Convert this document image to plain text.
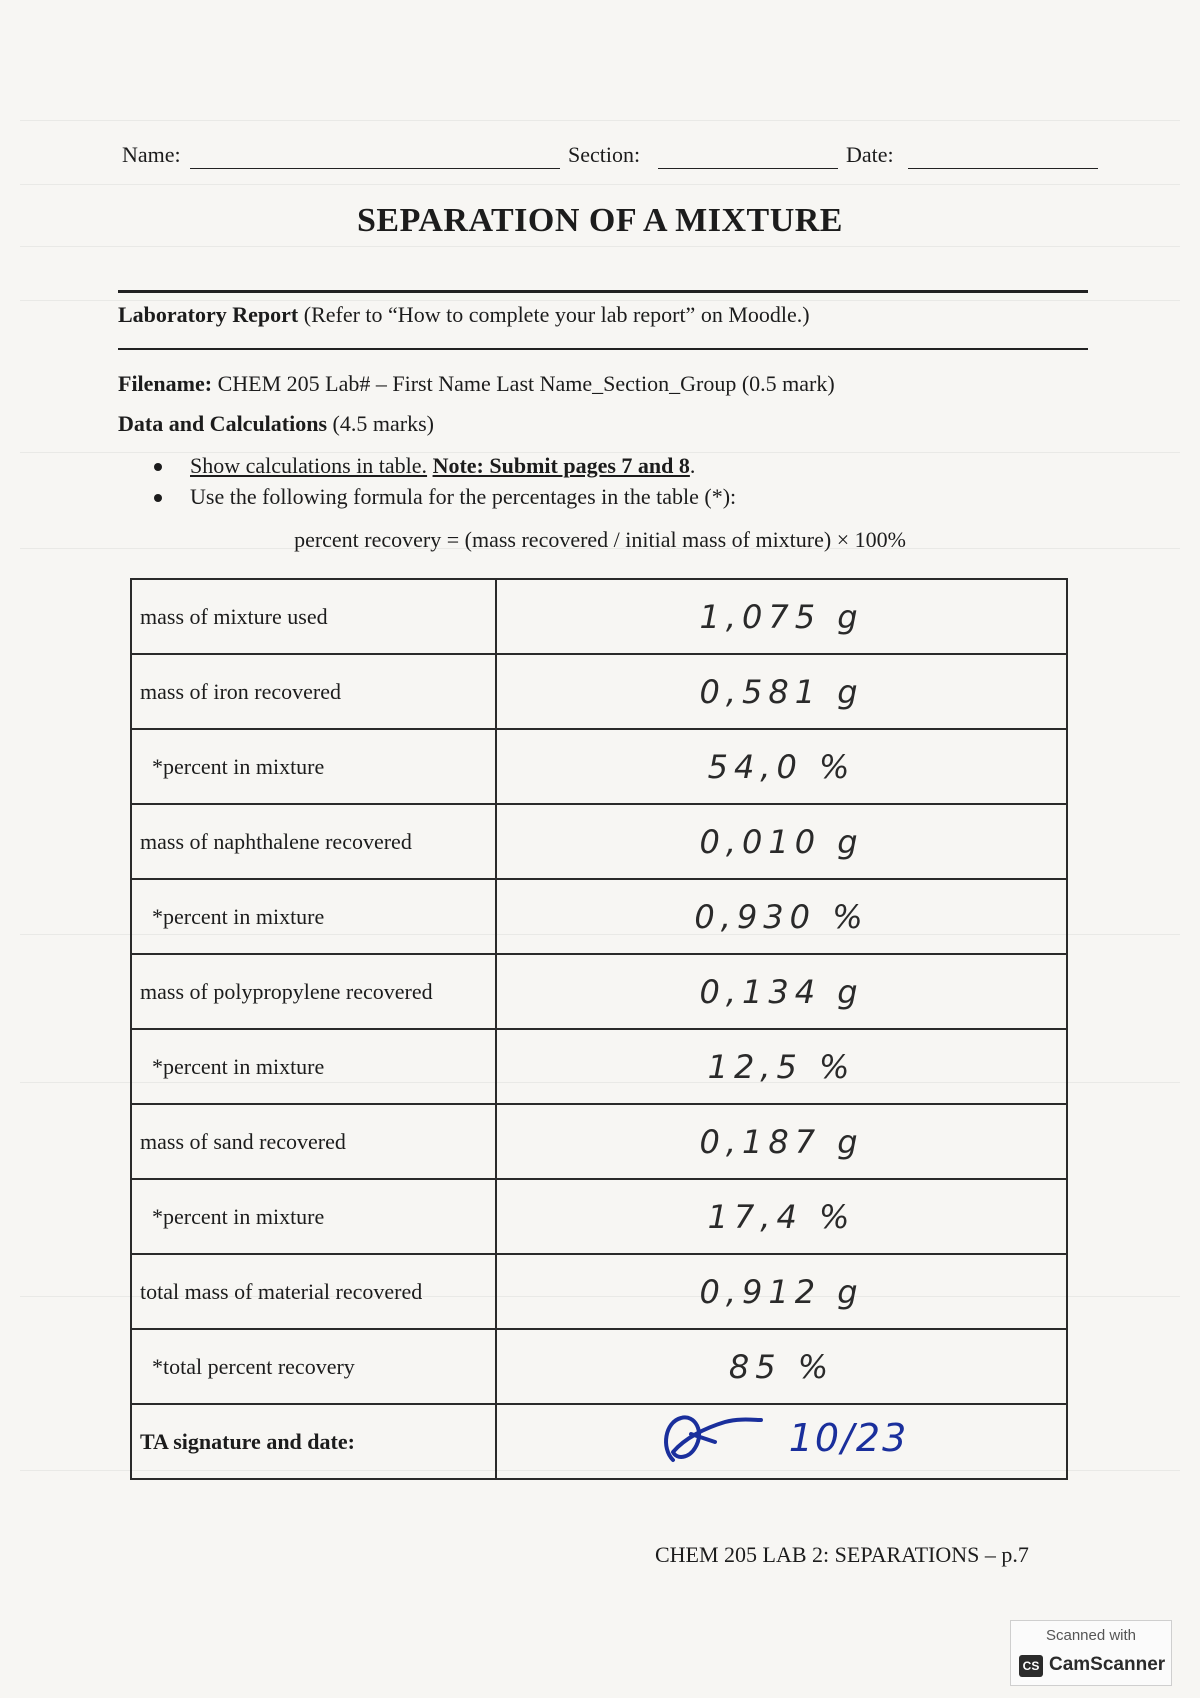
Name:	Section:	Date:
SEPARATION OF A MIXTURE
Laboratory Report (Refer to “How to complete your lab report” on Moodle.)
Filename: CHEM 205 Lab# – First Name Last Name_Section_Group (0.5 mark)
Data and Calculations (4.5 marks)
Show calculations in table. Note: Submit pages 7 and 8.
Use the following formula for the percentages in the table (*):
percent recovery = (mass recovered / initial mass of mixture) × 100%
mass of mixture used	1,075 g
mass of iron recovered	0,581 g
*percent in mixture	54,0 %
mass of naphthalene recovered	0,010 g
*percent in mixture	0,930 %
mass of polypropylene recovered	0,134 g
*percent in mixture	12,5 %
mass of sand recovered	0,187 g
*percent in mixture	17,4 %
total mass of material recovered	0,912 g
*total percent recovery	85 %
TA signature and date:	10/23
CHEM 205 LAB 2: SEPARATIONS – p.7
Scanned with
CS CamScanner
